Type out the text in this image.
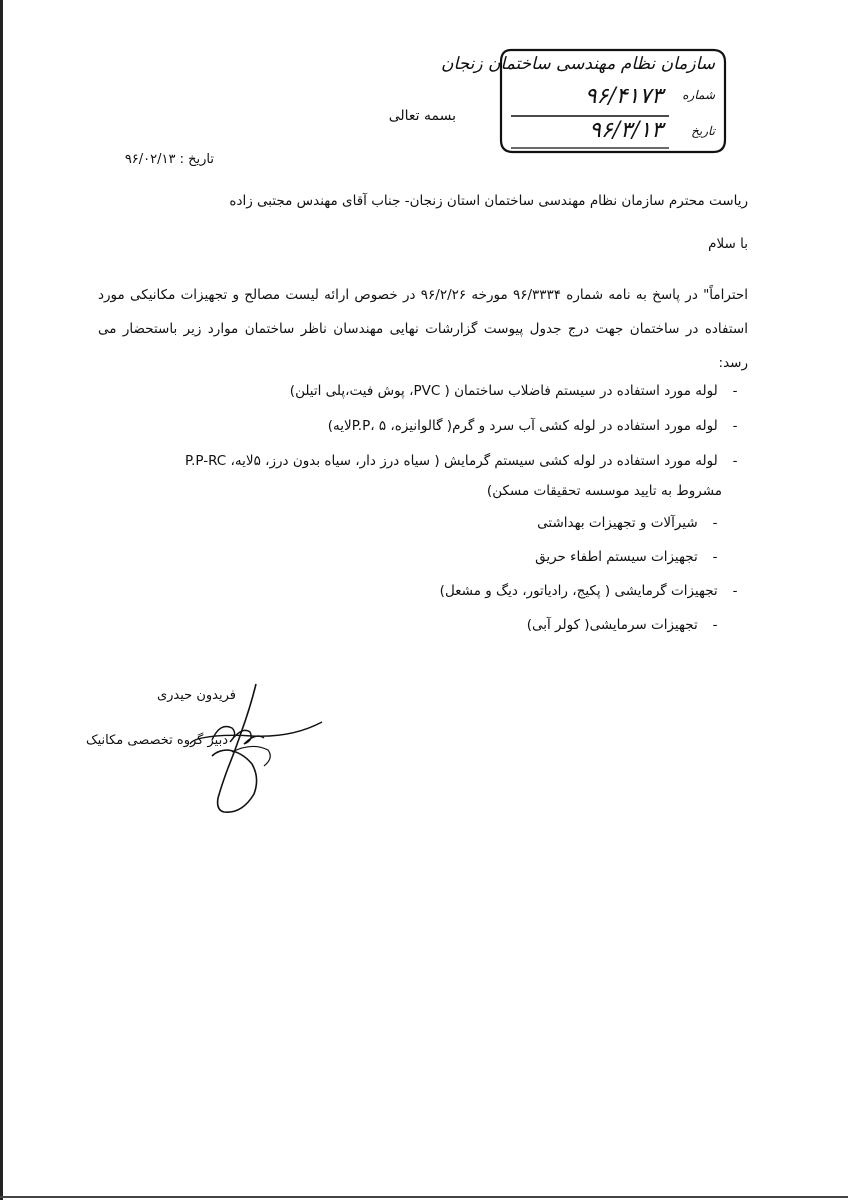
بسمه تعالی
سازمان نظام مهندسی ساختمان زنجان
شماره
۹۶/۴۱۷۳
تاریخ
۹۶/۳/۱۳
تاریخ : ۹۶/۰۲/۱۳
ریاست محترم سازمان نظام مهندسی ساختمان استان زنجان- جناب آقای مهندس مجتبی زاده
با سلام
احتراماً" در پاسخ به نامه شماره ۹۶/۳۳۳۴ مورخه ۹۶/۲/۲۶ در خصوص ارائه لیست مصالح و تجهیزات مکانیکی مورد استفاده در ساختمان جهت درج جدول پیوست گزارشات نهایی مهندسان ناظر ساختمان موارد زیر باستحضار می رسد:
- لوله مورد استفاده در سیستم فاضلاب ساختمان ( PVC، پوش فیت،پلی اتیلن)
- لوله مورد استفاده در لوله کشی آب سرد و گرم( گالوانیزه، P.P، ۵لایه)
- لوله مورد استفاده در لوله کشی سیستم گرمایش ( سیاه درز دار، سیاه بدون درز، ۵لایه، P.P-RC
مشروط به تایید موسسه تحقیقات مسکن)
- شیرآلات و تجهیزات بهداشتی
- تجهیزات سیستم اطفاء حریق
- تجهیزات گرمایشی ( پکیج، رادیاتور، دیگ و مشعل)
- تجهیزات سرمایشی( کولر آبی)
فریدون حیدری
دبیر گروه تخصصی مکانیک
